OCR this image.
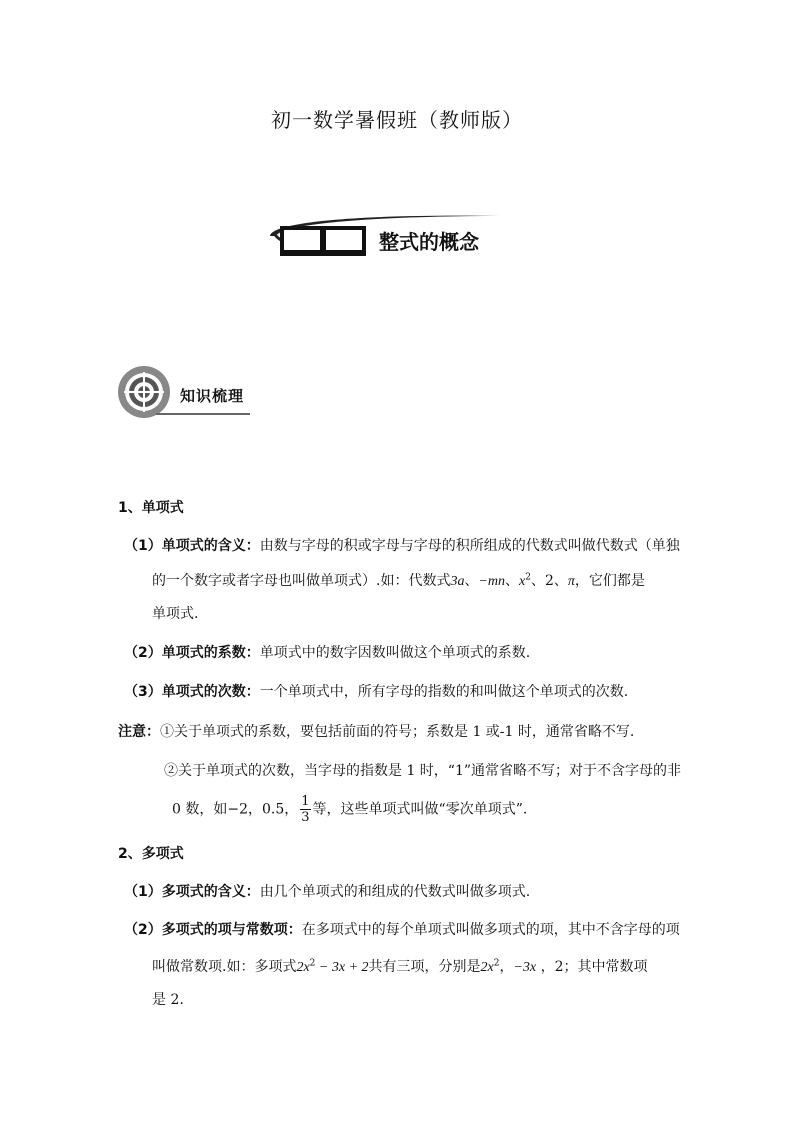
初一数学暑假班（教师版）
整式的概念
知识梳理
1、单项式
（1）单项式的含义：由数与字母的积或字母与字母的积所组成的代数式叫做代数式（单独
的一个数字或者字母也叫做单项式）.如：代数式3a、−mn、$x^2$、2、π，它们都是
单项式.
（2）单项式的系数：单项式中的数字因数叫做这个单项式的系数.
（3）单项式的次数：一个单项式中，所有字母的指数的和叫做这个单项式的次数.
注意：①关于单项式的系数，要包括前面的符号；系数是 1 或-1 时，通常省略不写.
②关于单项式的次数，当字母的指数是 1 时，“1”通常省略不写；对于不含字母的非
0 数，如−2，0.5， $\frac{1}{3}$ 等，这些单项式叫做“零次单项式”.
2、多项式
（1）多项式的含义：由几个单项式的和组成的代数式叫做多项式.
（2）多项式的项与常数项：在多项式中的每个单项式叫做多项式的项，其中不含字母的项
叫做常数项.如：多项式$2x^2 - 3x + 2$共有三项，分别是$2x^2$，−3x ，2；其中常数项
是 2.
